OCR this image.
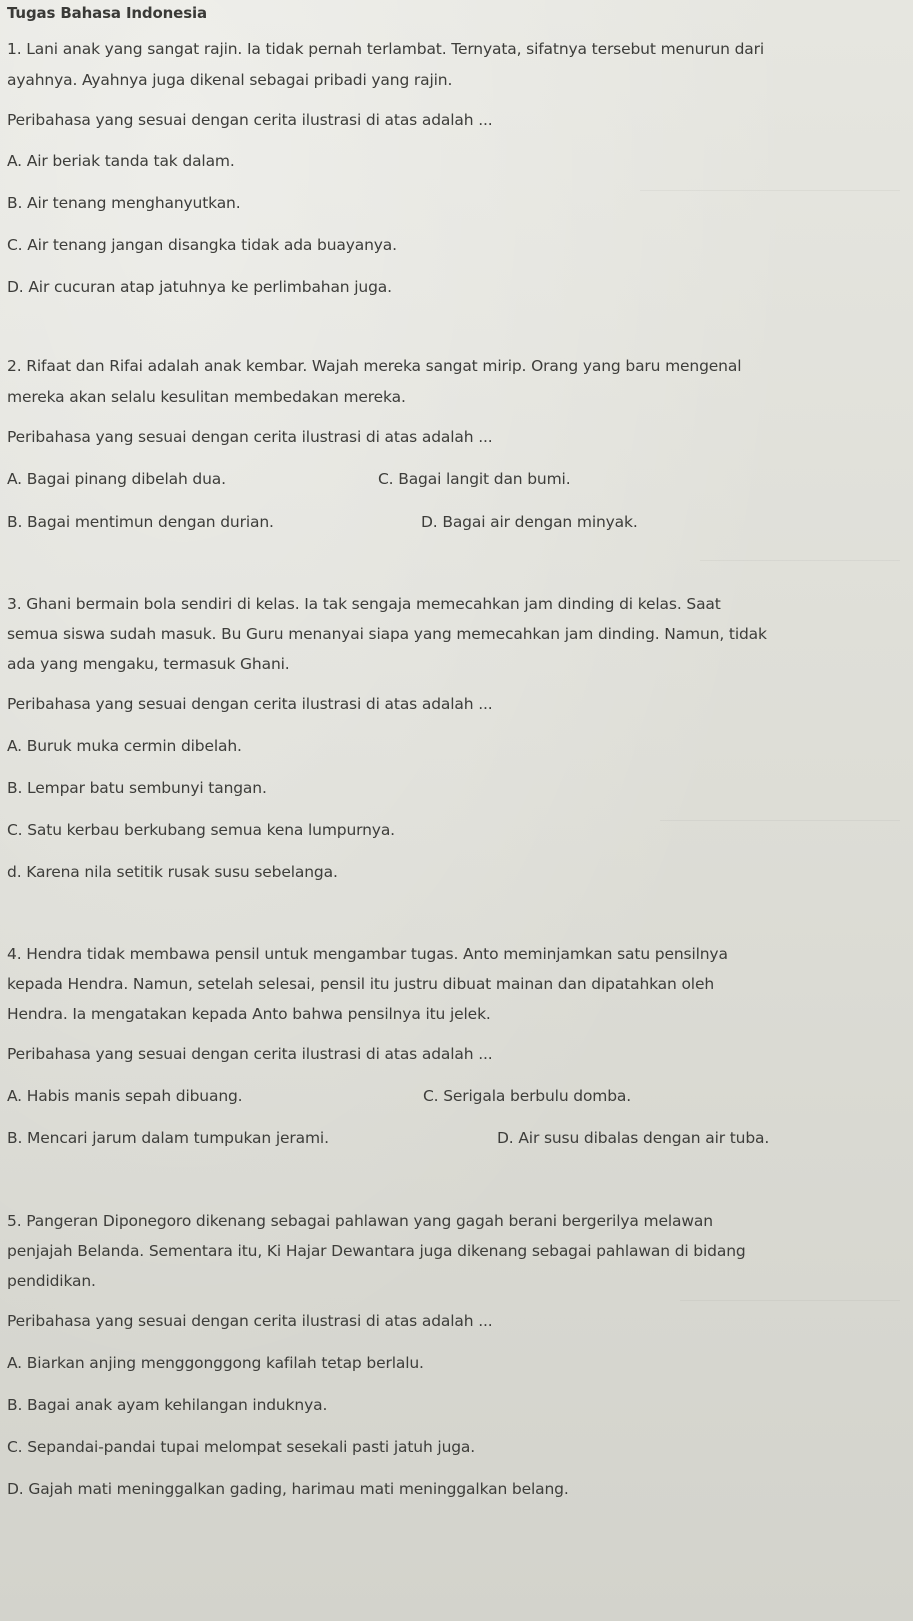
Tugas Bahasa Indonesia
1. Lani anak yang sangat rajin. Ia tidak pernah terlambat. Ternyata, sifatnya tersebut menurun dari
ayahnya. Ayahnya juga dikenal sebagai pribadi yang rajin.
Peribahasa yang sesuai dengan cerita ilustrasi di atas adalah ...
A. Air beriak tanda tak dalam.
B. Air tenang menghanyutkan.
C. Air tenang jangan disangka tidak ada buayanya.
D. Air cucuran atap jatuhnya ke perlimbahan juga.
2. Rifaat dan Rifai adalah anak kembar. Wajah mereka sangat mirip. Orang yang baru mengenal
mereka akan selalu kesulitan membedakan mereka.
Peribahasa yang sesuai dengan cerita ilustrasi di atas adalah ...
A. Bagai pinang dibelah dua.	C. Bagai langit dan bumi.
B. Bagai mentimun dengan durian.	D. Bagai air dengan minyak.
3. Ghani bermain bola sendiri di kelas. Ia tak sengaja memecahkan jam dinding di kelas. Saat
semua siswa sudah masuk. Bu Guru menanyai siapa yang memecahkan jam dinding. Namun, tidak
ada yang mengaku, termasuk Ghani.
Peribahasa yang sesuai dengan cerita ilustrasi di atas adalah ...
A. Buruk muka cermin dibelah.
B. Lempar batu sembunyi tangan.
C. Satu kerbau berkubang semua kena lumpurnya.
d. Karena nila setitik rusak susu sebelanga.
4. Hendra tidak membawa pensil untuk mengambar tugas. Anto meminjamkan satu pensilnya
kepada Hendra. Namun, setelah selesai, pensil itu justru dibuat mainan dan dipatahkan oleh
Hendra. Ia mengatakan kepada Anto bahwa pensilnya itu jelek.
Peribahasa yang sesuai dengan cerita ilustrasi di atas adalah ...
A. Habis manis sepah dibuang.	C. Serigala berbulu domba.
B. Mencari jarum dalam tumpukan jerami.	D. Air susu dibalas dengan air tuba.
5. Pangeran Diponegoro dikenang sebagai pahlawan yang gagah berani bergerilya melawan
penjajah Belanda. Sementara itu, Ki Hajar Dewantara juga dikenang sebagai pahlawan di bidang
pendidikan.
Peribahasa yang sesuai dengan cerita ilustrasi di atas adalah ...
A. Biarkan anjing menggonggong kafilah tetap berlalu.
B. Bagai anak ayam kehilangan induknya.
C. Sepandai-pandai tupai melompat sesekali pasti jatuh juga.
D. Gajah mati meninggalkan gading, harimau mati meninggalkan belang.
